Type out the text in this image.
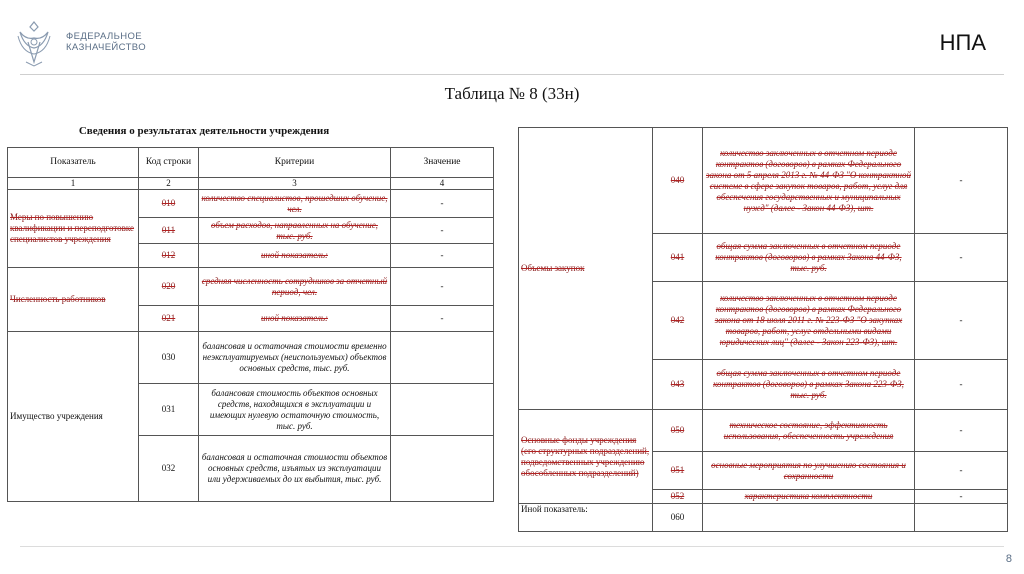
ФЕДЕРАЛЬНОЕ
КАЗНАЧЕЙСТВО	НПА
Таблица № 8 (33н)
Сведения о результатах деятельности учреждения
Показатель	Код строки	Критерии	Значение
1	2	3	4
Меры по повышению квалификации и переподготовке специалистов учреждения	010	количество специалистов, прошедших обучение, чел.	-
	011	объем расходов, направленных на обучение, тыс. руб.	-
	012	иной показатель:	-
Численность работников	020	средняя численность сотрудников за отчетный период, чел.	-
	021	иной показатель:	-
Имущество учреждения	030	балансовая и остаточная стоимости временно неэксплуатируемых (неиспользуемых) объектов основных средств, тыс. руб.	
	031	балансовая стоимость объектов основных средств, находящихся в эксплуатации и имеющих нулевую остаточную стоимость, тыс. руб.	
	032	балансовая и остаточная стоимости объектов основных средств, изъятых из эксплуатации или удерживаемых до их выбытия, тыс. руб.	
Объемы закупок	040	количество заключенных в отчетном периоде контрактов (договоров) в рамках Федерального закона от 5 апреля 2013 г. № 44-ФЗ "О контрактной системе в сфере закупок товаров, работ, услуг для обеспечения государственных и муниципальных нужд" (далее - Закон 44-ФЗ), шт.	-
	041	общая сумма заключенных в отчетном периоде контрактов (договоров) в рамках Закона 44-ФЗ, тыс. руб.	-
	042	количество заключенных в отчетном периоде контрактов (договоров) в рамках Федерального закона от 18 июля 2011 г. № 223-ФЗ "О закупках товаров, работ, услуг отдельными видами юридических лиц" (далее - Закон 223-ФЗ), шт.	-
	043	общая сумма заключенных в отчетном периоде контрактов (договоров) в рамках Закона 223-ФЗ, тыс. руб.	-
Основные фонды учреждения (его структурных подразделений, подведомственных учреждению обособленных подразделений)	050	техническое состояние, эффективность использования, обеспеченность учреждения	-
	051	основные мероприятия по улучшению состояния и сохранности	-
	052	характеристика комплектности	-
Иной показатель:	060		
8
